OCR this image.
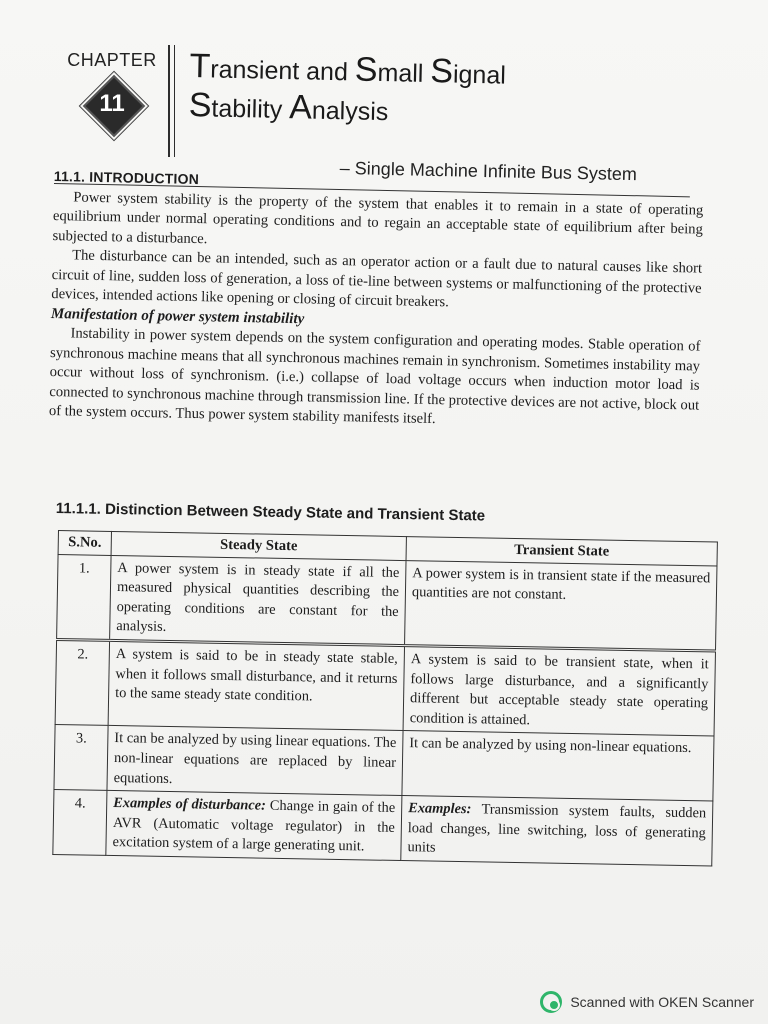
CHAPTER
11
Transient and Small Signal
Stability Analysis
– Single Machine Infinite Bus System
11.1. INTRODUCTION

Power system stability is the property of the system that enables it to remain in a state of operating equilibrium under normal operating conditions and to regain an acceptable state of equilibrium after being subjected to a disturbance.

The disturbance can be an intended, such as an operator action or a fault due to natural causes like short circuit of line, sudden loss of generation, a loss of tie-line between systems or malfunctioning of the protective devices, intended actions like opening or closing of circuit breakers.

Manifestation of power system instability

Instability in power system depends on the system configuration and operating modes. Stable operation of synchronous machine means that all synchronous machines remain in synchronism. Sometimes instability may occur without loss of synchronism. (i.e.) collapse of load voltage occurs when induction motor load is connected to synchronous machine through transmission line. If the protective devices are not active, block out of the system occurs. Thus power system stability manifests itself.

11.1.1. Distinction Between Steady State and Transient State
S.No.	Steady State	Transient State
1.	A power system is in steady state if all the measured physical quantities describing the operating conditions are constant for the analysis.	A power system is in transient state if the measured quantities are not constant.
2.	A system is said to be in steady state stable, when it follows small disturbance, and it returns to the same steady state condition.	A system is said to be transient state, when it follows large disturbance, and a significantly different but acceptable steady state operating condition is attained.
3.	It can be analyzed by using linear equations. The non-linear equations are replaced by linear equations.	It can be analyzed by using non-linear equations.
4.	Examples of disturbance: Change in gain of the AVR (Automatic voltage regulator) in the excitation system of a large generating unit.	Examples: Transmission system faults, sudden load changes, line switching, loss of generating units
Scanned with OKEN Scanner
